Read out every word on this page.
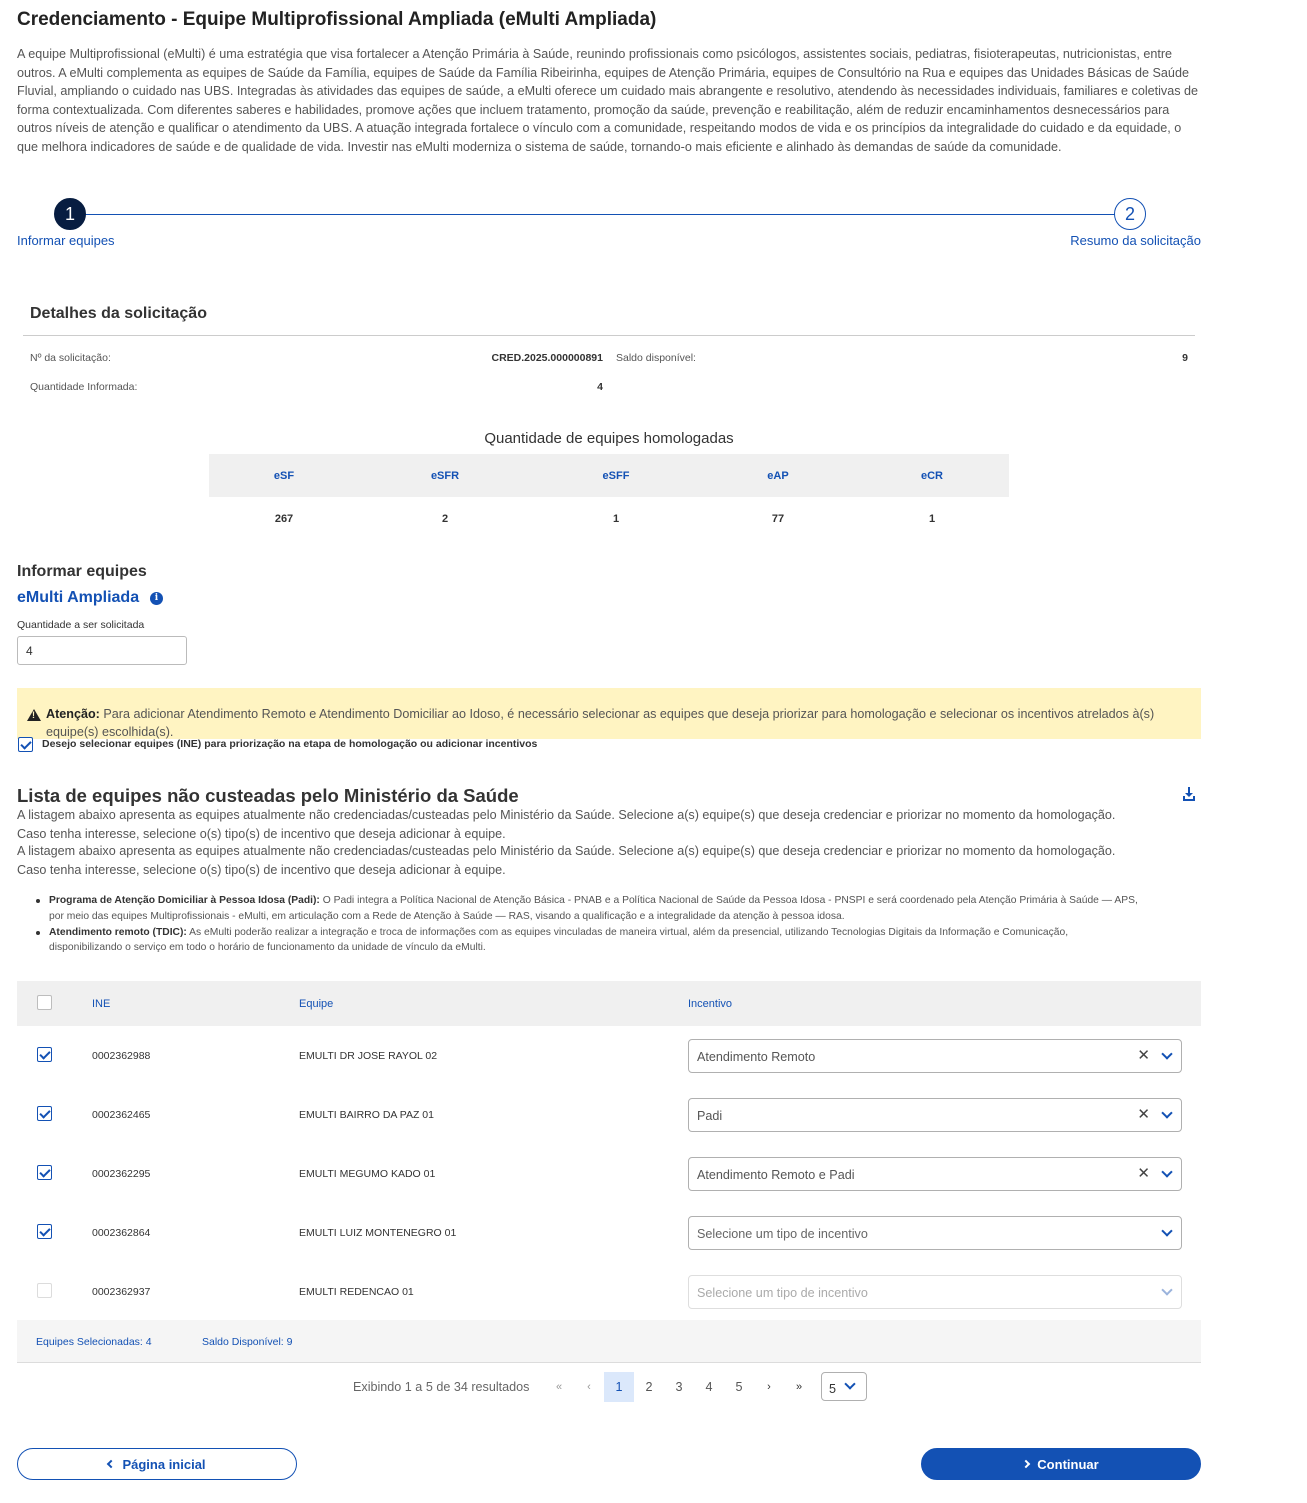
Credenciamento - Equipe Multiprofissional Ampliada (eMulti Ampliada)

A equipe Multiprofissional (eMulti) é uma estratégia que visa fortalecer a Atenção Primária à Saúde, reunindo profissionais como psicólogos, assistentes sociais, pediatras, fisioterapeutas, nutricionistas, entre outros. A eMulti complementa as equipes de Saúde da Família, equipes de Saúde da Família Ribeirinha, equipes de Atenção Primária, equipes de Consultório na Rua e equipes das Unidades Básicas de Saúde Fluvial, ampliando o cuidado nas UBS. Integradas às atividades das equipes de saúde, a eMulti oferece um cuidado mais abrangente e resolutivo, atendendo às necessidades individuais, familiares e coletivas de forma contextualizada. Com diferentes saberes e habilidades, promove ações que incluem tratamento, promoção da saúde, prevenção e reabilitação, além de reduzir encaminhamentos desnecessários para outros níveis de atenção e qualificar o atendimento da UBS. A atuação integrada fortalece o vínculo com a comunidade, respeitando modos de vida e os princípios da integralidade do cuidado e da equidade, o que melhora indicadores de saúde e de qualidade de vida. Investir nas eMulti moderniza o sistema de saúde, tornando-o mais eficiente e alinhado às demandas de saúde da comunidade.

1
Informar equipes
2
Resumo da solicitação
Detalhes da solicitação
Nº da solicitação:	CRED.2025.000000891 Saldo disponível:	9
Quantidade Informada:	4
Quantidade de equipes homologadas
eSF	eSFR	eSFF	eAP	eCR
267	2	1	77	1
Informar equipes
eMulti Ampliada	i
Quantidade a ser solicitada
4
!

Atenção: Para adicionar Atendimento Remoto e Atendimento Domiciliar ao Idoso, é necessário selecionar as equipes que deseja priorizar para homologação e selecionar os incentivos atrelados à(s) equipe(s) escolhida(s).

Desejo selecionar equipes (INE) para priorização na etapa de homologação ou adicionar incentivos
Lista de equipes não custeadas pelo Ministério da Saúde

A listagem abaixo apresenta as equipes atualmente não credenciadas/custeadas pelo Ministério da Saúde. Selecione a(s) equipe(s) que deseja credenciar e priorizar no momento da homologação. Caso tenha interesse, selecione o(s) tipo(s) de incentivo que deseja adicionar à equipe.

A listagem abaixo apresenta as equipes atualmente não credenciadas/custeadas pelo Ministério da Saúde. Selecione a(s) equipe(s) que deseja credenciar e priorizar no momento da homologação. Caso tenha interesse, selecione o(s) tipo(s) de incentivo que deseja adicionar à equipe.

Programa de Atenção Domiciliar à Pessoa Idosa (Padi): O Padi integra a Política Nacional de Atenção Básica - PNAB e a Política Nacional de Saúde da Pessoa Idosa - PNSPI e será coordenado pela Atenção Primária à Saúde — APS, por meio das equipes Multiprofissionais - eMulti, em articulação com a Rede de Atenção à Saúde — RAS, visando a qualificação e a integralidade da atenção à pessoa idosa.
Atendimento remoto (TDIC): As eMulti poderão realizar a integração e troca de informações com as equipes vinculadas de maneira virtual, além da presencial, utilizando Tecnologias Digitais da Informação e Comunicação, disponibilizando o serviço em todo o horário de funcionamento da unidade de vínculo da eMulti.
INE	Equipe	Incentivo
0002362988	EMULTI DR JOSE RAYOL 02	Atendimento Remoto	✕
0002362465	EMULTI BAIRRO DA PAZ 01	Padi	✕
0002362295	EMULTI MEGUMO KADO 01	Atendimento Remoto e Padi	✕
0002362864	EMULTI LUIZ MONTENEGRO 01	Selecione um tipo de incentivo
0002362937	EMULTI REDENCAO 01	Selecione um tipo de incentivo
Equipes Selecionadas: 4	Saldo Disponível: 9
Exibindo 1 a 5 de 34 resultados	«	‹	1	2	3	4	5	›	»	5
Página inicial	Continuar
